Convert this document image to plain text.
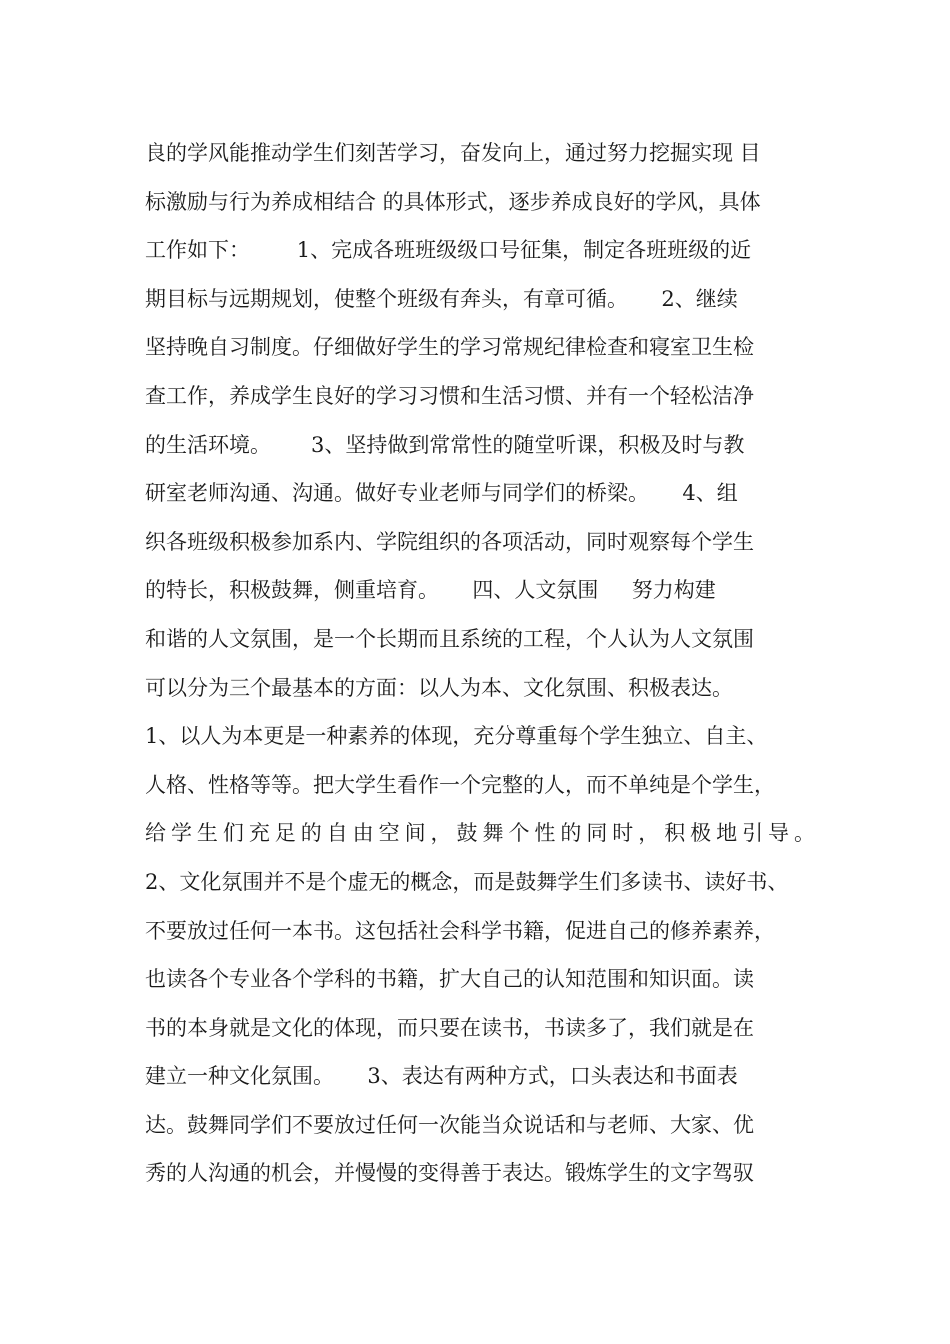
良的学风能推动学生们刻苦学习，奋发向上，通过努力挖掘实现 目
标激励与行为养成相结合 的具体形式，逐步养成良好的学风，具体
工作如下：       1、完成各班班级级口号征集，制定各班班级的近
期目标与远期规划，使整个班级有奔头，有章可循。     2、继续
坚持晚自习制度。仔细做好学生的学习常规纪律检查和寝室卫生检
查工作，养成学生良好的学习习惯和生活习惯、并有一个轻松洁净
的生活环境。      3、坚持做到常常性的随堂听课，积极及时与教
研室老师沟通、沟通。做好专业老师与同学们的桥梁。     4、组
织各班级积极参加系内、学院组织的各项活动，同时观察每个学生
的特长，积极鼓舞，侧重培育。     四、人文氛围     努力构建
和谐的人文氛围，是一个长期而且系统的工程，个人认为人文氛围
可以分为三个最基本的方面：以人为本、文化氛围、积极表达。
1、以人为本更是一种素养的体现，充分尊重每个学生独立、自主、
人格、性格等等。把大学生看作一个完整的人，而不单纯是个学生，
给学生们充足的自由空间，鼓舞个性的同时，积极地引导。
2、文化氛围并不是个虚无的概念，而是鼓舞学生们多读书、读好书、
不要放过任何一本书。这包括社会科学书籍，促进自己的修养素养，
也读各个专业各个学科的书籍，扩大自己的认知范围和知识面。读
书的本身就是文化的体现，而只要在读书，书读多了，我们就是在
建立一种文化氛围。     3、表达有两种方式，口头表达和书面表
达。鼓舞同学们不要放过任何一次能当众说话和与老师、大家、优
秀的人沟通的机会，并慢慢的变得善于表达。锻炼学生的文字驾驭
